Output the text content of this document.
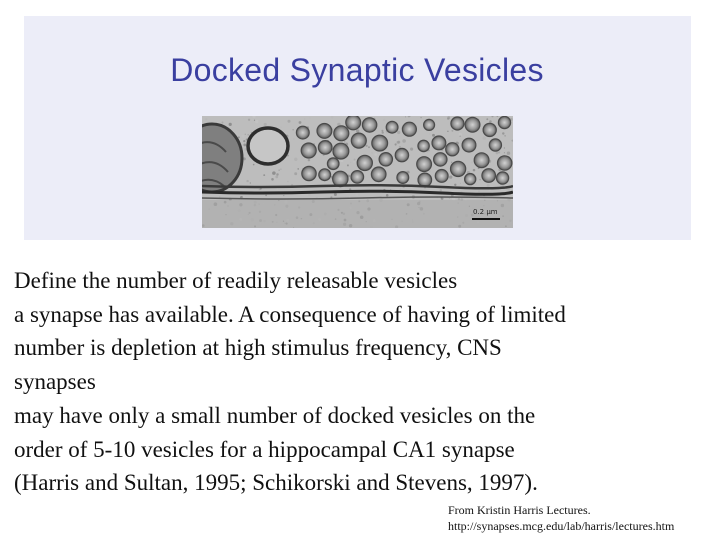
Docked Synaptic Vesicles
0.2 µm
Define the number of readily releasable vesicles
a synapse has available. A consequence of having of limited
number is depletion at high stimulus frequency, CNS
synapses
may have only a small number of docked vesicles on the
order of 5-10 vesicles for a hippocampal CA1 synapse
(Harris and Sultan, 1995; Schikorski and Stevens, 1997).
From Kristin Harris Lectures.
http://synapses.mcg.edu/lab/harris/lectures.htm
